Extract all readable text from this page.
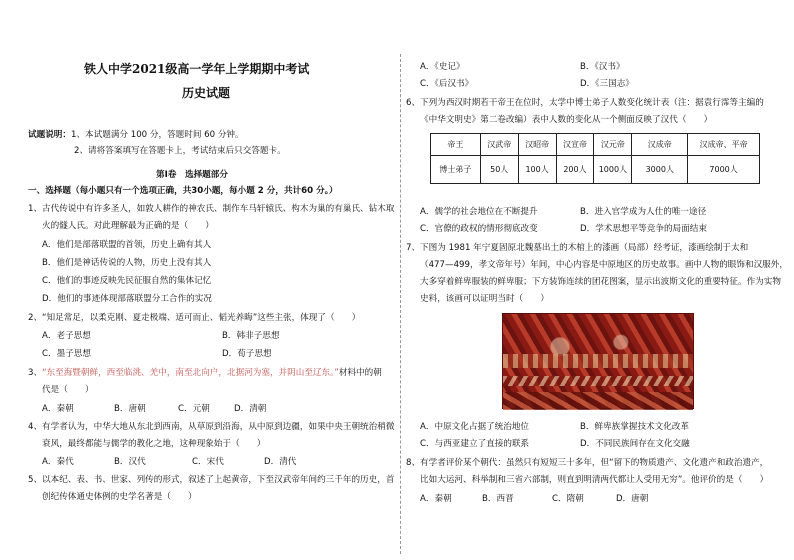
铁人中学2021级高一学年上学期期中考试
历史试题
试题说明：1、本试题满分 100 分，答题时间 60 分钟。
2、请将答案填写在答题卡上，考试结束后只交答题卡。
第Ⅰ卷　选择题部分
一、选择题（每小题只有一个选项正确，共30小题，每小题 2 分，共计60 分。）
1、古代传说中有许多圣人，如敦人耕作的神农氏、制作车马轩辕氏、构木为巢的有巢氏、钻木取
火的燧人氏。对此理解最为正确的是（　　）
A．他们是部落联盟的首领，历史上确有其人
B．他们是神话传说的人物，历史上没有其人
C．他们的事迹反映先民征服自然的集体记忆
D．他们的事迹体现部落联盟分工合作的实况
2、“知足常足，以柔克刚、夏走极端、适可而止、韬光养晦”这些主张，体现了（　　）
A．老子思想	B．韩非子思想
C．墨子思想	D．荀子思想
3、“东至海暨朝鲜，西至临洮、羌中，南至北向户，北据河为塞，并阴山至辽东。”材料中的朝
代是（　　）
A．秦朝	B．唐朝	C．元朝	D．清朝
4、有学者认为，中华大地从东北到西南，从草原到沿海，从中原到边疆，如果中央王朝统治稍微
衰风，最终都能与儒学的教化之地，这种现象始于（　　）
A．秦代	B．汉代	C．宋代	D．清代
5、以本纪、表、书、世家、列传的形式，叙述了上起黄帝，下至汉武帝年间约三千年的历史，首
创纪传体通史体例的史学名著是（　　）
A．《史记》	B．《汉书》
C．《后汉书》	D．《三国志》
6、下列为西汉时期若干帝王在位时，太学中博士弟子人数变化统计表（注：据袁行霈等主编的
《中华文明史》第二卷改编）表中人数的变化从一个侧面反映了汉代（　　）
帝王	汉武帝	汉昭帝	汉宣帝	汉元帝	汉成帝	汉成帝、平帝
博士弟子	50人	100人	200人	1000人	3000人	7000人
A．儒学的社会地位在不断提升	B．进入官学成为人仕的唯一途径
C．官僚的政权的情形彻底改变	D．学术思想平等竞争的局面结束
7、下图为 1981 年宁夏固原北魏墓出土的木棺上的漆画（局部）经考证，漆画绘制于太和
（477—499，孝文帝年号）年间，中心内容是中原地区的历史故事。画中人物的眼饰和汉服外，
大多穿着鲜卑服装的鲜卑服；下方装饰连续的团花图案，显示出波斯文化的重要特征。作为实物
史料，该画可以证明当时（　　）
A．中原文化占据了统治地位	B．鲜卑族掌握技术文化改革
C．与西亚建立了直接的联系	D．不同民族间存在文化交融
8、有学者评价某个朝代：虽然只有短短三十多年，但“留下的物质遗产、文化遗产和政治遗产，
比如大运河、科举制和三省六部制，则直到明清两代都让人受用无穷”。他评价的是（　　）
A．秦朝	B．西晋	C．隋朝	D．唐朝
